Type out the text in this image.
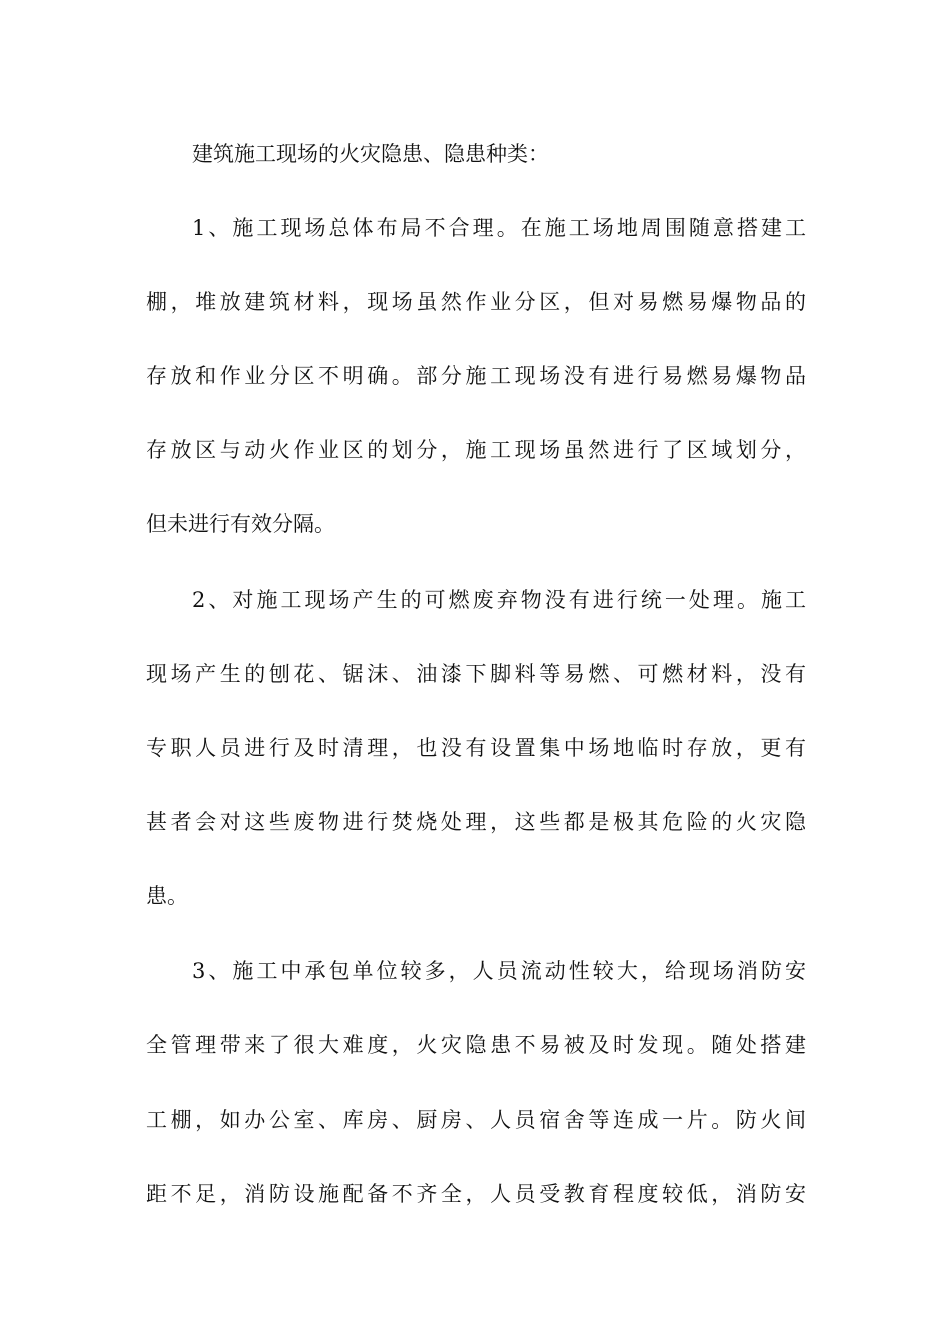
建筑施工现场的火灾隐患、隐患种类：
1、施工现场总体布局不合理。在施工场地周围随意搭建工
棚，堆放建筑材料，现场虽然作业分区，但对易燃易爆物品的
存放和作业分区不明确。部分施工现场没有进行易燃易爆物品
存放区与动火作业区的划分，施工现场虽然进行了区域划分，
但未进行有效分隔。
2、对施工现场产生的可燃废弃物没有进行统一处理。施工
现场产生的刨花、锯沫、油漆下脚料等易燃、可燃材料，没有
专职人员进行及时清理，也没有设置集中场地临时存放，更有
甚者会对这些废物进行焚烧处理，这些都是极其危险的火灾隐
患。
3、施工中承包单位较多，人员流动性较大，给现场消防安
全管理带来了很大难度，火灾隐患不易被及时发现。随处搭建
工棚，如办公室、库房、厨房、人员宿舍等连成一片。防火间
距不足，消防设施配备不齐全，人员受教育程度较低，消防安
